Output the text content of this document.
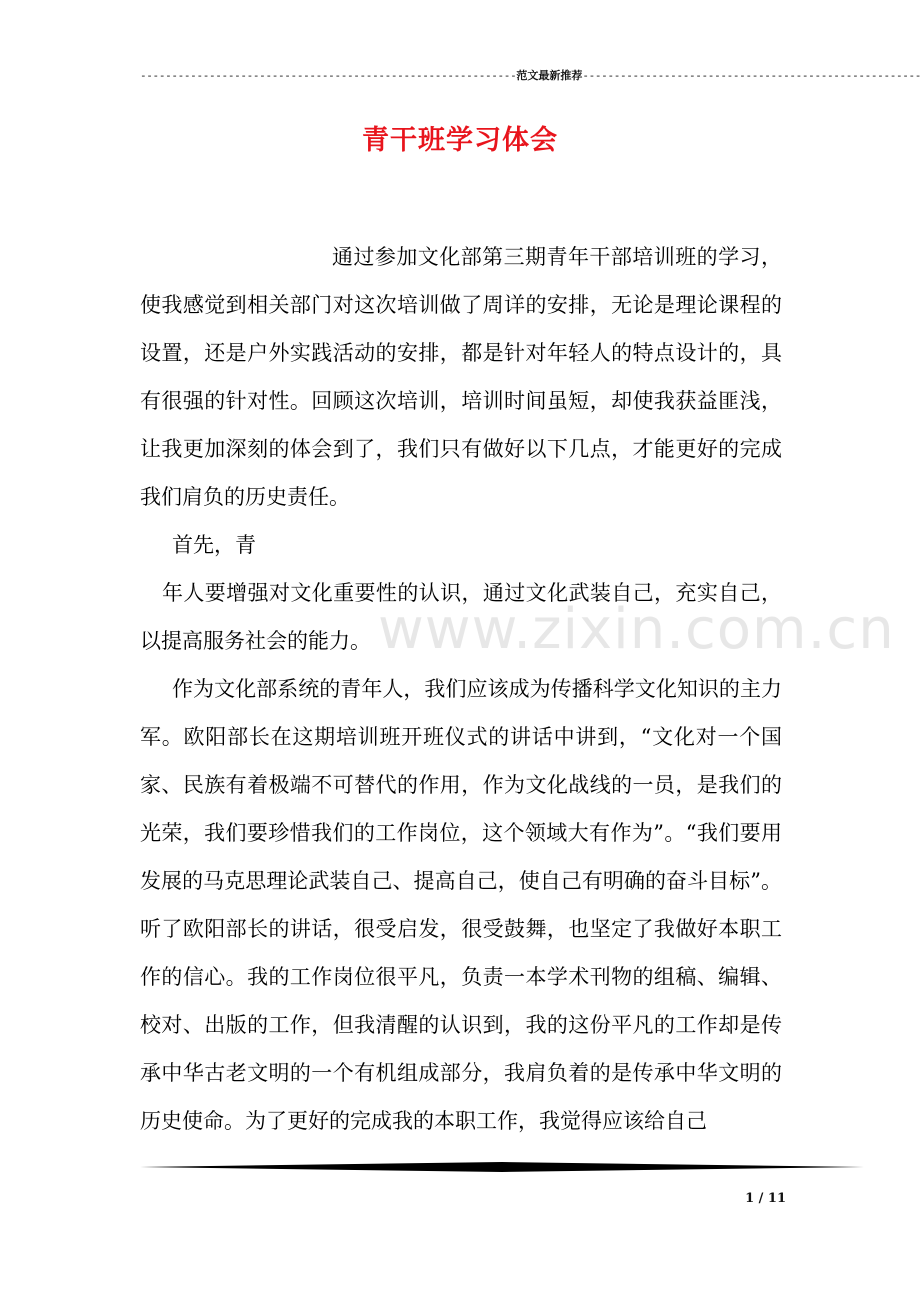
------------------------------------------------------------范文最新推荐------------------------------------------------------
青干班学习体会

通过参加文化部第三期青年干部培训班的学习，使我感觉到相关部门对这次培训做了周详的安排，无论是理论课程的设置，还是户外实践活动的安排，都是针对年轻人的特点设计的，具有很强的针对性。回顾这次培训，培训时间虽短，却使我获益匪浅，让我更加深刻的体会到了，我们只有做好以下几点，才能更好的完成我们肩负的历史责任。

首先，青

年人要增强对文化重要性的认识，通过文化武装自己，充实自己，以提高服务社会的能力。

作为文化部系统的青年人，我们应该成为传播科学文化知识的主力军。欧阳部长在这期培训班开班仪式的讲话中讲到，“文化对一个国家、民族有着极端不可替代的作用，作为文化战线的一员，是我们的光荣，我们要珍惜我们的工作岗位，这个领域大有作为”。“我们要用发展的马克思理论武装自己、提高自己，使自己有明确的奋斗目标”。听了欧阳部长的讲话，很受启发，很受鼓舞，也坚定了我做好本职工作的信心。我的工作岗位很平凡，负责一本学术刊物的组稿、编辑、校对、出版的工作，但我清醒的认识到，我的这份平凡的工作却是传承中华古老文明的一个有机组成部分，我肩负着的是传承中华文明的历史使命。为了更好的完成我的本职工作，我觉得应该给自己

www.zixin.com.cn
1 / 11
